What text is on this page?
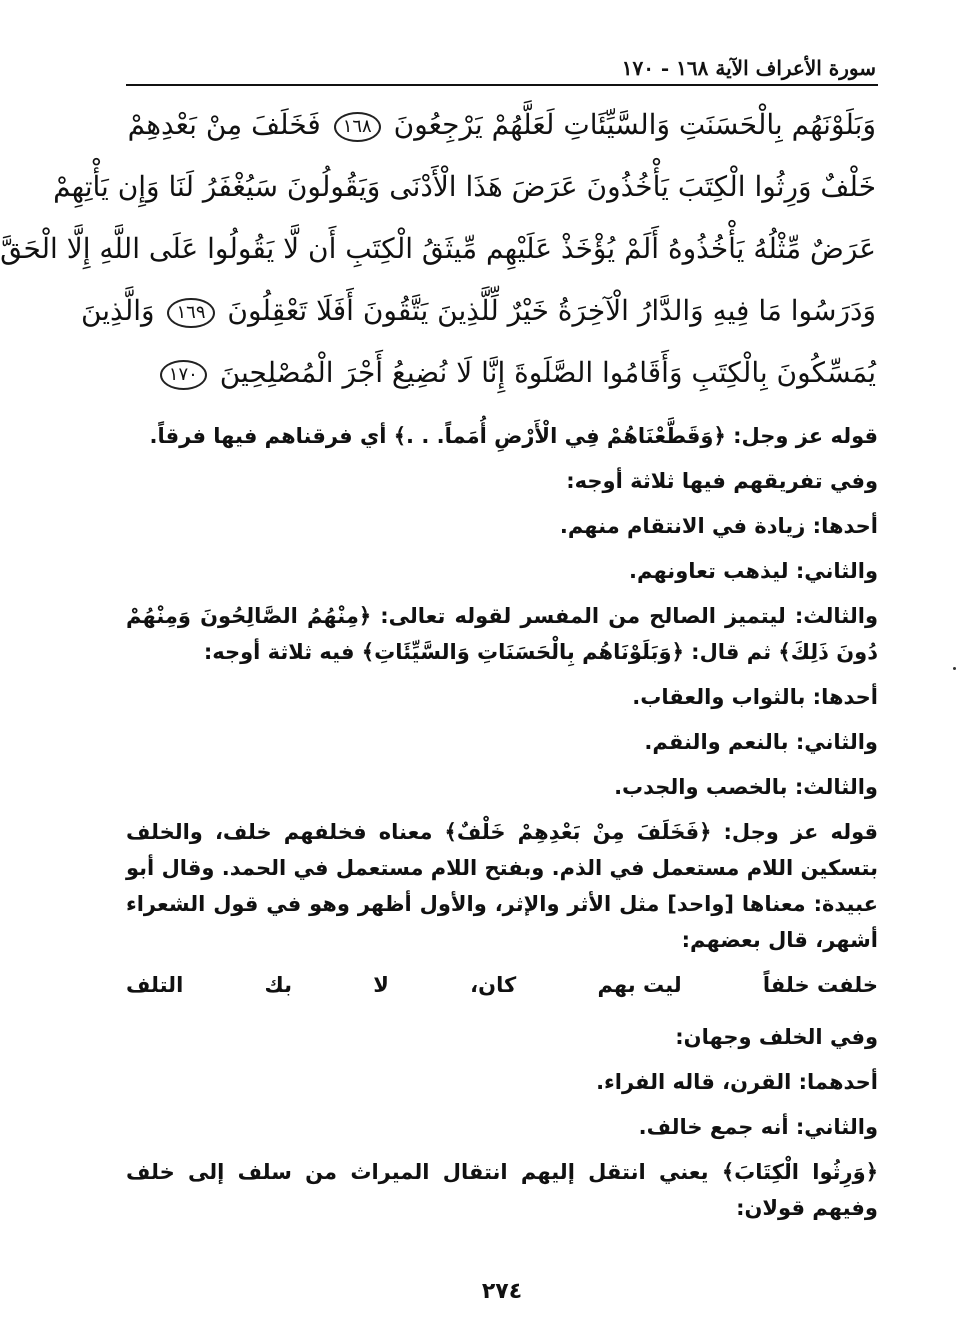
سورة الأعراف الآية ١٦٨ - ١٧٠
وَبَلَوْنَهُم بِالْحَسَنَتِ وَالسَّيِّئَاتِ لَعَلَّهُمْ يَرْجِعُونَ ١٦٨ فَخَلَفَ مِنْ بَعْدِهِمْ
خَلْفٌ وَرِثُوا الْكِتَبَ يَأْخُذُونَ عَرَضَ هَذَا الْأَدْنَى وَيَقُولُونَ سَيُغْفَرُ لَنَا وَإِن يَأْتِهِمْ
عَرَضٌ مِّثْلُهُ يَأْخُذُوهُ أَلَمْ يُؤْخَذْ عَلَيْهِم مِّيثَقُ الْكِتَبِ أَن لَّا يَقُولُوا عَلَى اللَّهِ إِلَّا الْحَقَّ
وَدَرَسُوا مَا فِيهِ وَالدَّارُ الْآخِرَةُ خَيْرٌ لِّلَّذِينَ يَتَّقُونَ أَفَلَا تَعْقِلُونَ ١٦٩ وَالَّذِينَ
يُمَسِّكُونَ بِالْكِتَبِ وَأَقَامُوا الصَّلَوةَ إِنَّا لَا نُضِيعُ أَجْرَ الْمُصْلِحِينَ ١٧٠

قوله عز وجل: ﴿وَقَطَّعْنَاهُمْ فِي الْأَرْضِ أُمَماً. . .﴾ أي فرقناهم فيها فرقاً.

وفي تفريقهم فيها ثلاثة أوجه:

أحدها: زيادة في الانتقام منهم.

والثاني: ليذهب تعاونهم.

والثالث: ليتميز الصالح من المفسر لقوله تعالى: ﴿مِنْهُمُ الصَّالِحُونَ وَمِنْهُمْ دُونَ ذَلِكَ﴾ ثم قال: ﴿وَبَلَوْنَاهُم بِالْحَسَنَاتِ وَالسَّيِّئَاتِ﴾ فيه ثلاثة أوجه:

أحدها: بالثواب والعقاب.

والثاني: بالنعم والنقم.

والثالث: بالخصب والجدب.

قوله عز وجل: ﴿فَخَلَفَ مِنْ بَعْدِهِمْ خَلْفٌ﴾ معناه فخلفهم خلف، والخلف بتسكين اللام مستعمل في الذم. وبفتح اللام مستعمل في الحمد. وقال أبو عبيدة: معناها [واحد] مثل الأثر والإثر، والأول أظهر وهو في قول الشعراء أشهر، قال بعضهم:

خلفت خلفاً
ليت بهم
كان،
لا
بك
التلف

وفي الخلف وجهان:

أحدهما: القرن، قاله الفراء.

والثاني: أنه جمع خالف.

﴿وَرِثُوا الْكِتَابَ﴾ يعني انتقل إليهم انتقال الميراث من سلف إلى خلف وفيهم قولان:

٢٧٤
